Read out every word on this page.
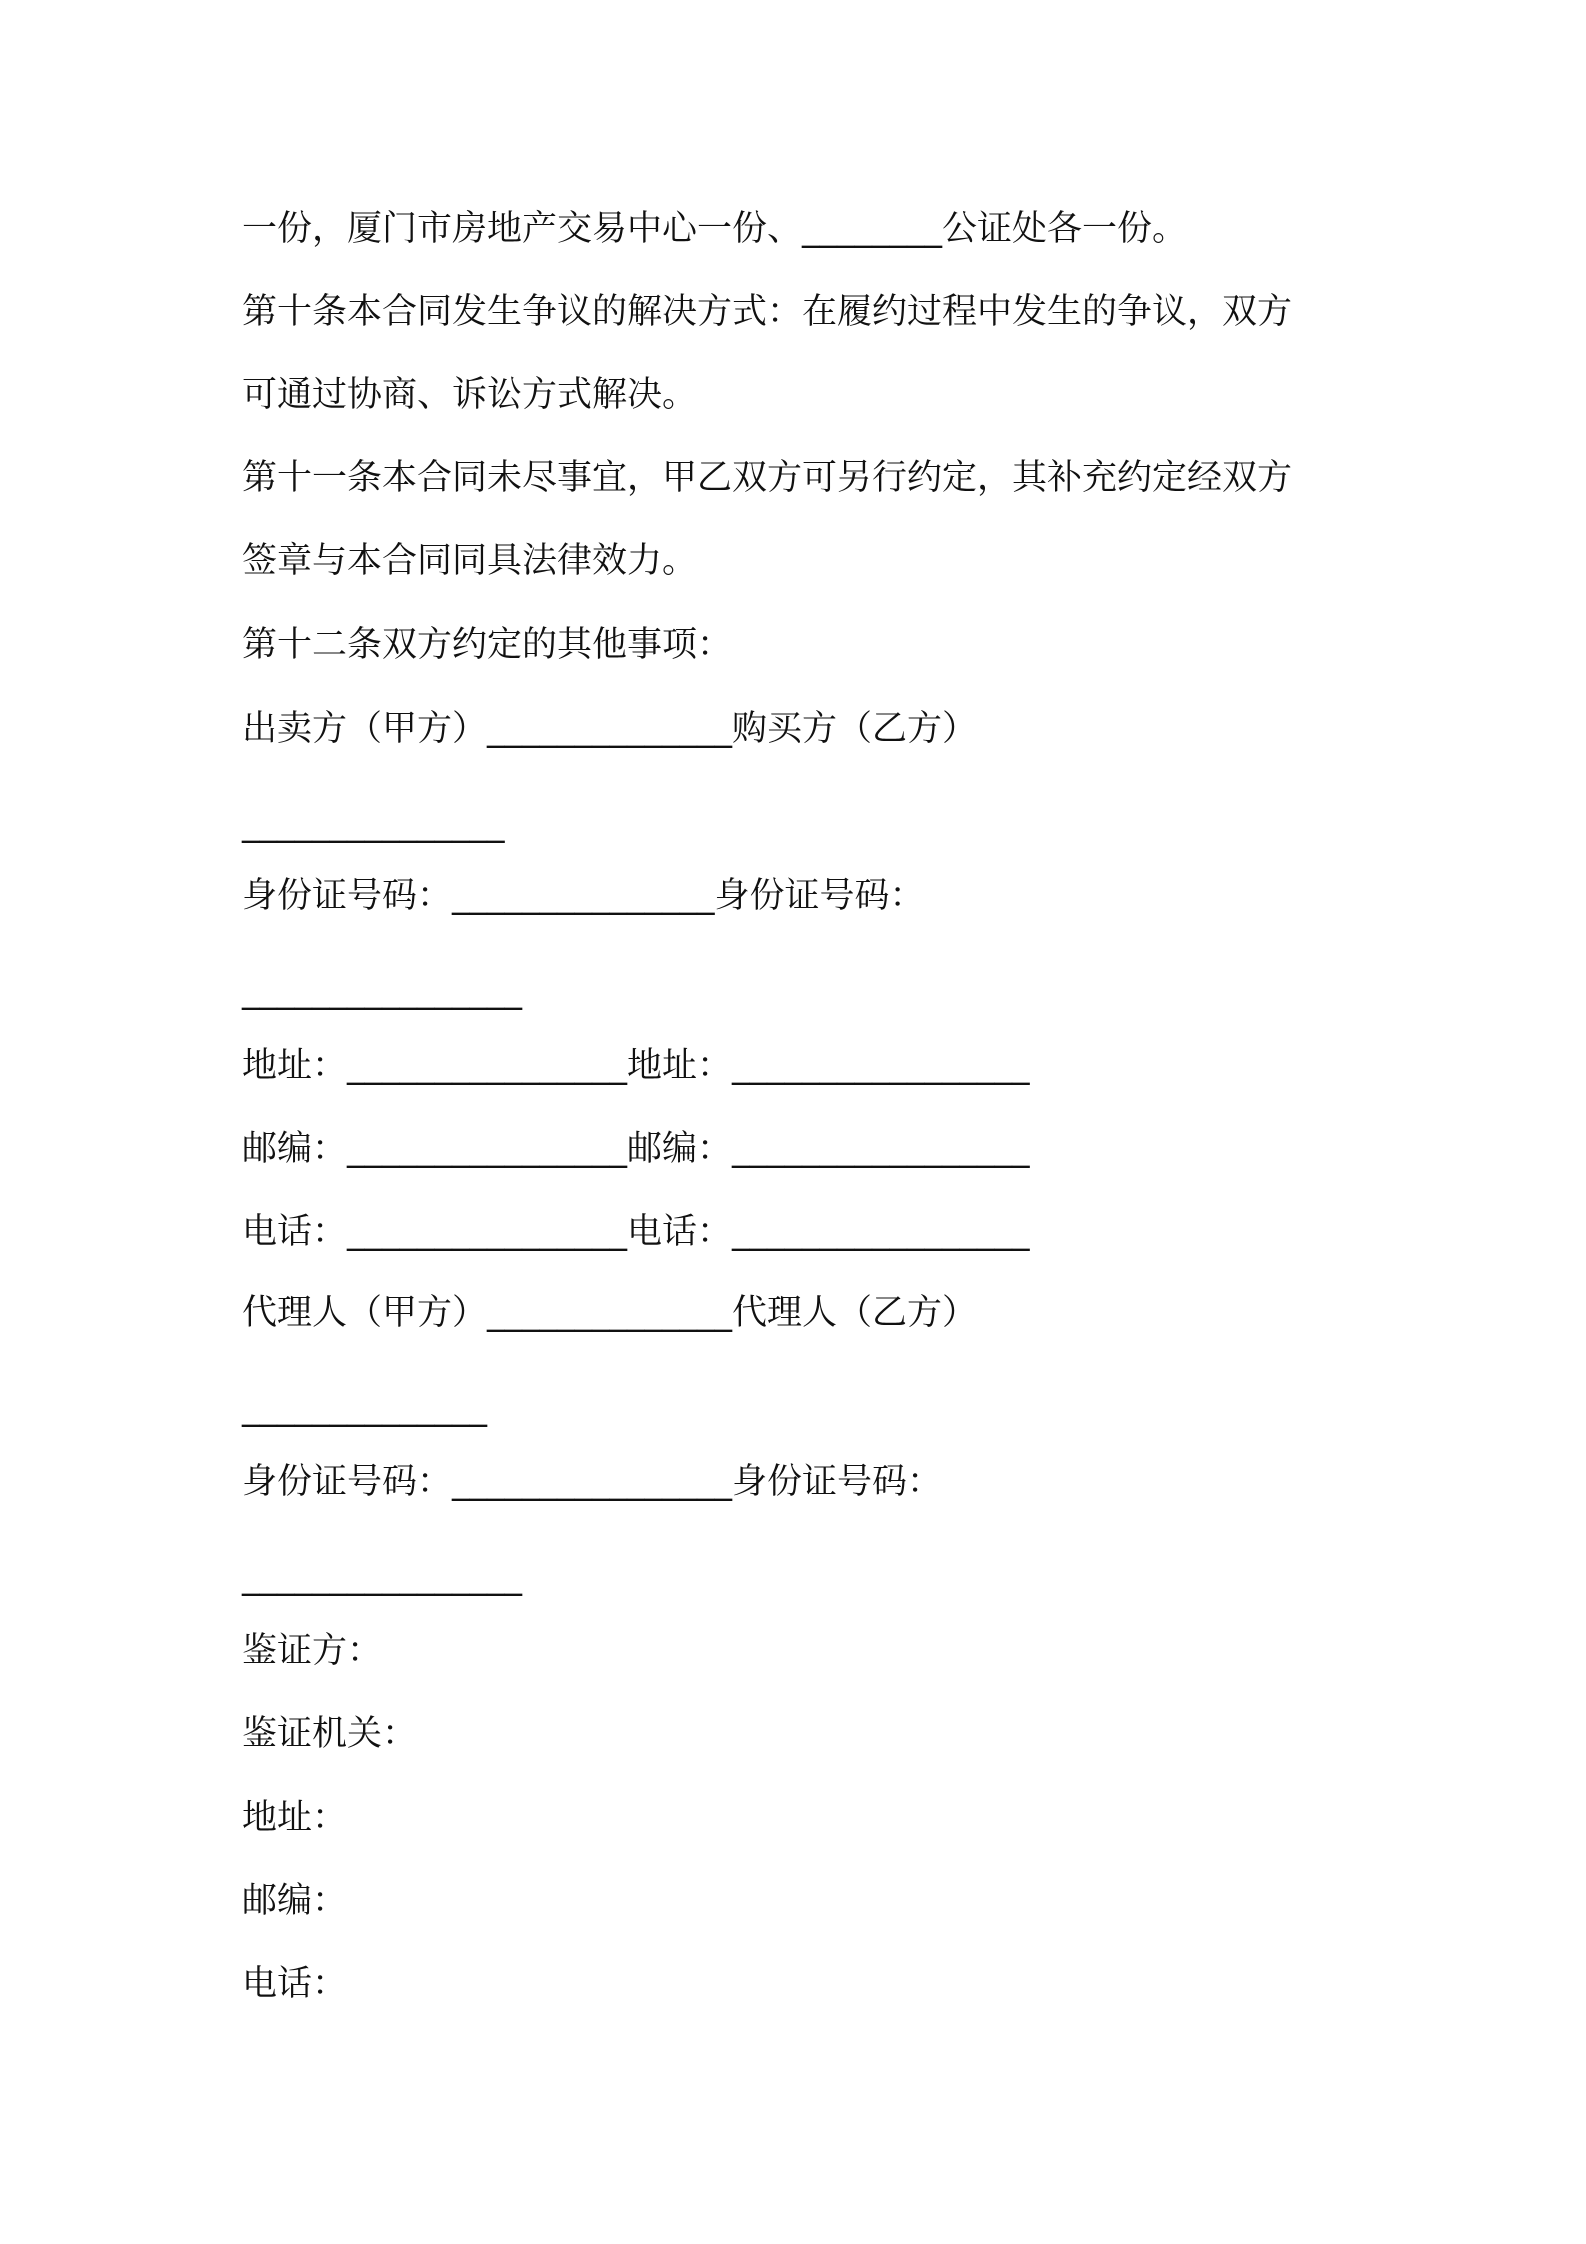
一份，厦门市房地产交易中心一份、________公证处各一份。

第十条本合同发生争议的解决方式：在履约过程中发生的争议，双方

可通过协商、诉讼方式解决。

第十一条本合同未尽事宜，甲乙双方可另行约定，其补充约定经双方

签章与本合同同具法律效力。

第十二条双方约定的其他事项：

出卖方（甲方）______________购买方（乙方）

_______________

身份证号码：_______________身份证号码：

________________

地址：________________地址：_________________

邮编：________________邮编：_________________

电话：________________电话：_________________

代理人（甲方）______________代理人（乙方）

______________

身份证号码：________________身份证号码：

________________

鉴证方：

鉴证机关：

地址：

邮编：

电话：
